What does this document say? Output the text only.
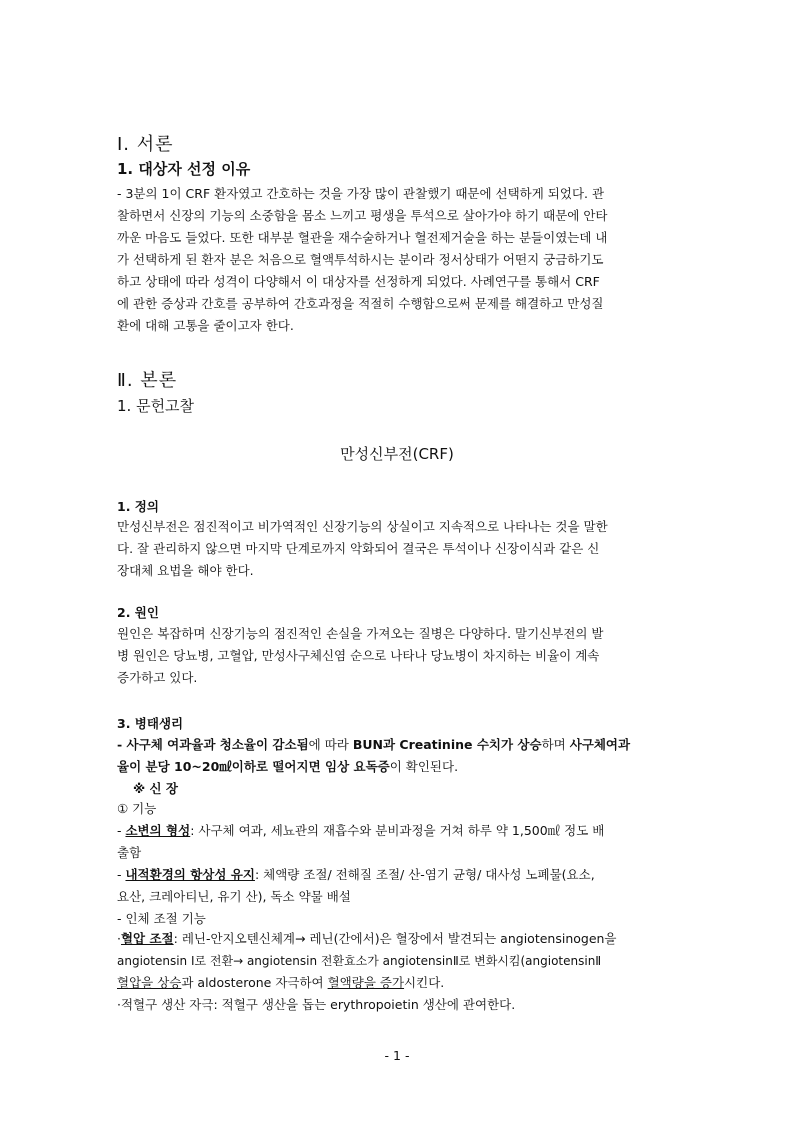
Ⅰ. 서론
1. 대상자 선정 이유
- 3분의 1이 CRF 환자였고 간호하는 것을 가장 많이 관찰했기 때문에 선택하게 되었다. 관
찰하면서 신장의 기능의 소중함을 몸소 느끼고 평생을 투석으로 살아가야 하기 때문에 안타
까운 마음도 들었다. 또한 대부분 혈관을 재수술하거나 혈전제거술을 하는 분들이였는데 내
가 선택하게 된 환자 분은 처음으로 혈액투석하시는 분이라 정서상태가 어떤지 궁금하기도
하고 상태에 따라 성격이 다양해서 이 대상자를 선정하게 되었다. 사례연구를 통해서 CRF
에 관한 증상과 간호를 공부하여 간호과정을 적절히 수행함으로써 문제를 해결하고 만성질
환에 대해 고통을 줄이고자 한다.
Ⅱ. 본론
1. 문헌고찰
만성신부전(CRF)
1. 정의
만성신부전은 점진적이고 비가역적인 신장기능의 상실이고 지속적으로 나타나는 것을 말한
다. 잘 관리하지 않으면 마지막 단계로까지 악화되어 결국은 투석이나 신장이식과 같은 신
장대체 요법을 해야 한다.
2. 원인
원인은 복잡하며 신장기능의 점진적인 손실을 가져오는 질병은 다양하다. 말기신부전의 발
병 원인은 당뇨병, 고혈압, 만성사구체신염 순으로 나타나 당뇨병이 차지하는 비율이 계속
증가하고 있다.
3. 병태생리
- 사구체 여과율과 청소율이 감소됨에 따라 BUN과 Creatinine 수치가 상승하며 사구체여과
율이 분당 10~20㎖이하로 떨어지면 임상 요독증이 확인된다.
※ 신 장
① 기능
- 소변의 형성: 사구체 여과, 세뇨관의 재흡수와 분비과정을 거쳐 하루 약 1,500㎖ 정도 배
출함
- 내적환경의 항상성 유지: 체액량 조절/ 전해질 조절/ 산-염기 균형/ 대사성 노폐물(요소,
요산, 크레아티닌, 유기 산), 독소 약물 배설
- 인체 조절 기능
·혈압 조절: 레닌-안지오텐신체계→ 레닌(간에서)은 혈장에서 발견되는 angiotensinogen을
angiotensin Ⅰ로 전환→ angiotensin 전환효소가 angiotensinⅡ로 변화시킴(angiotensinⅡ
혈압을 상승과 aldosterone 자극하여 혈액량을 증가시킨다.
·적혈구 생산 자극: 적혈구 생산을 돕는 erythropoietin 생산에 관여한다.
- 1 -
